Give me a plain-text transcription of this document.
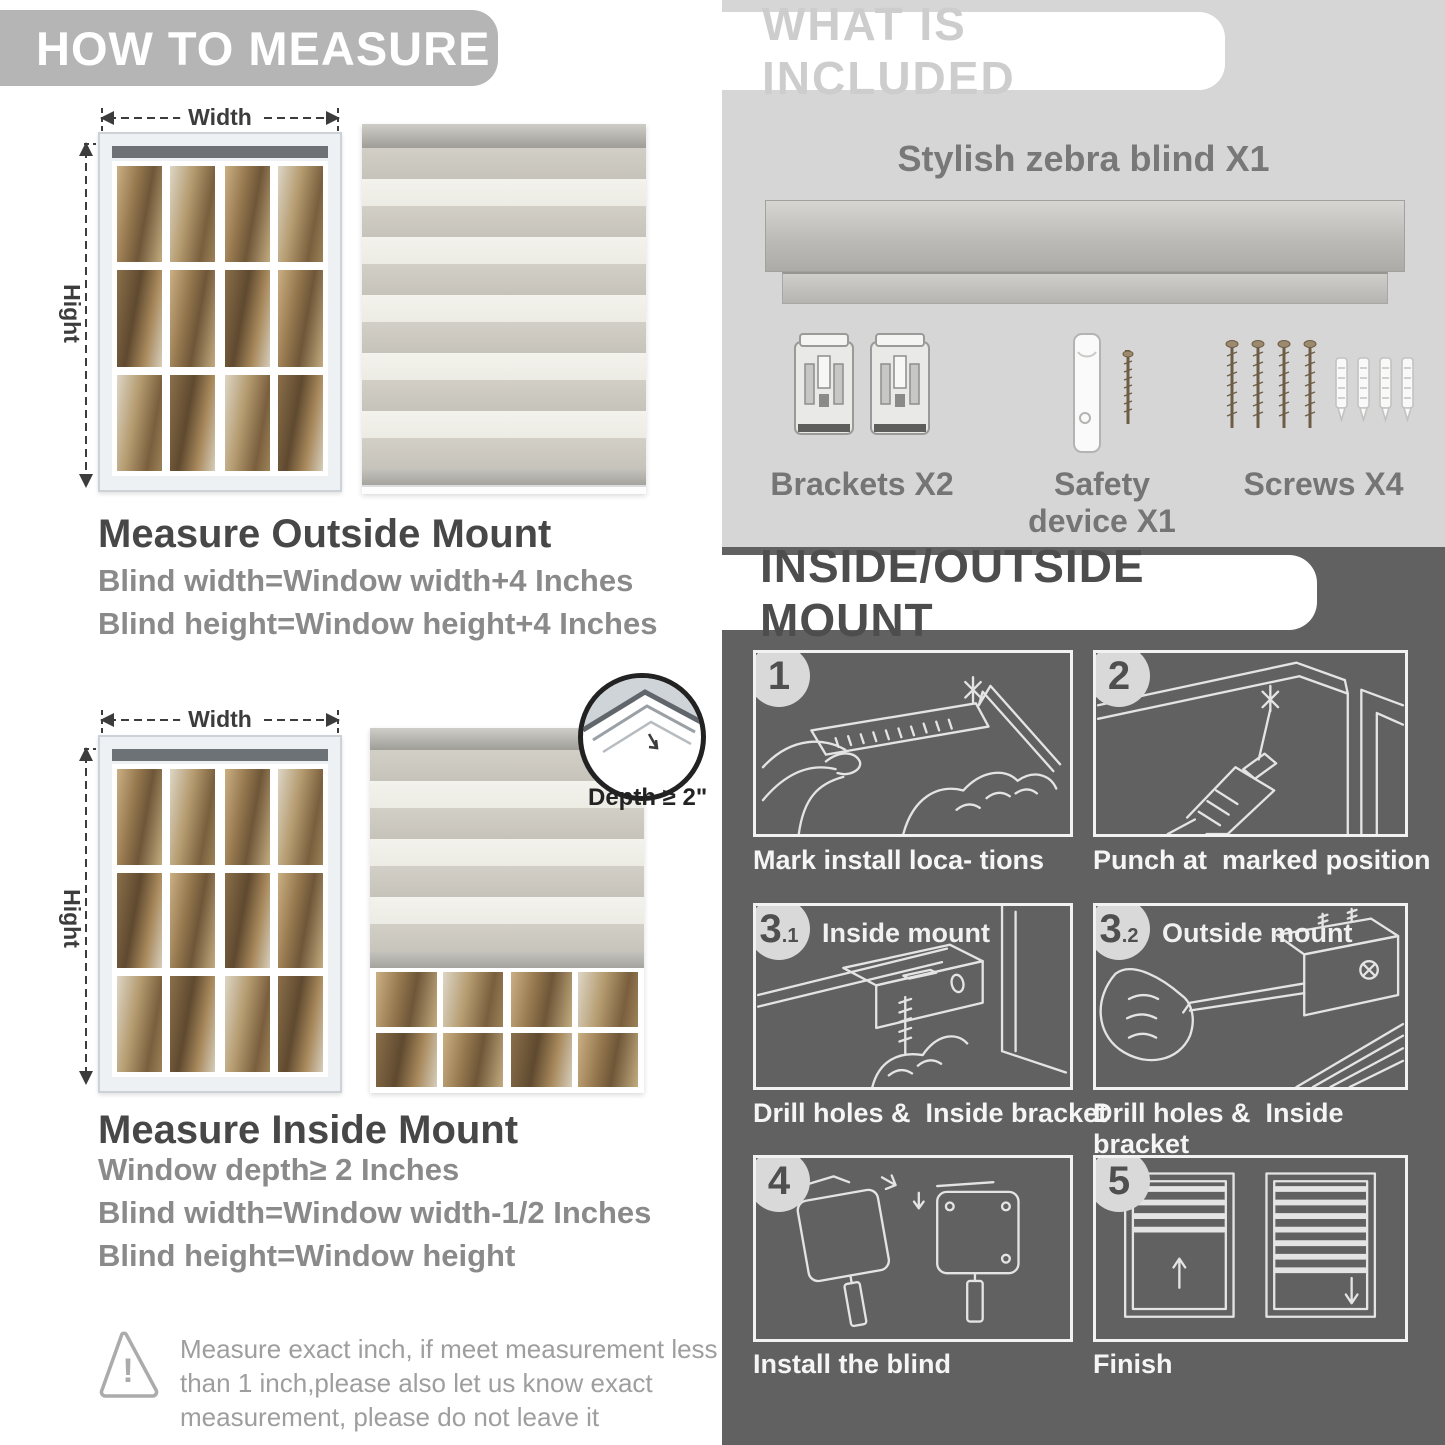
HOW TO MEASURE
Width
Hight
Measure Outside Mount
Blind width=Window width+4 Inches
Blind height=Window height+4 Inches
Width
Hight
Depth ≥ 2"
Measure Inside Mount
Window depth≥ 2 Inches
Blind width=Window width-1/2 Inches
Blind height=Window height
!
Measure exact inch, if meet measurement less
than 1 inch,please also let us know exact
measurement, please do not leave it
WHAT IS INCLUDED
Stylish zebra blind X1
Brackets X2	Safety device X1
Screws X4
INSIDE/OUTSIDE MOUNT
1	2
3 .1 Inside mount	3 .2 Outside mount
4	5
Mark install loca- tions Punch at  marked position
Drill holes &  Inside bracket
Drill holes &  Inside bracket
Install the blind	Finish
